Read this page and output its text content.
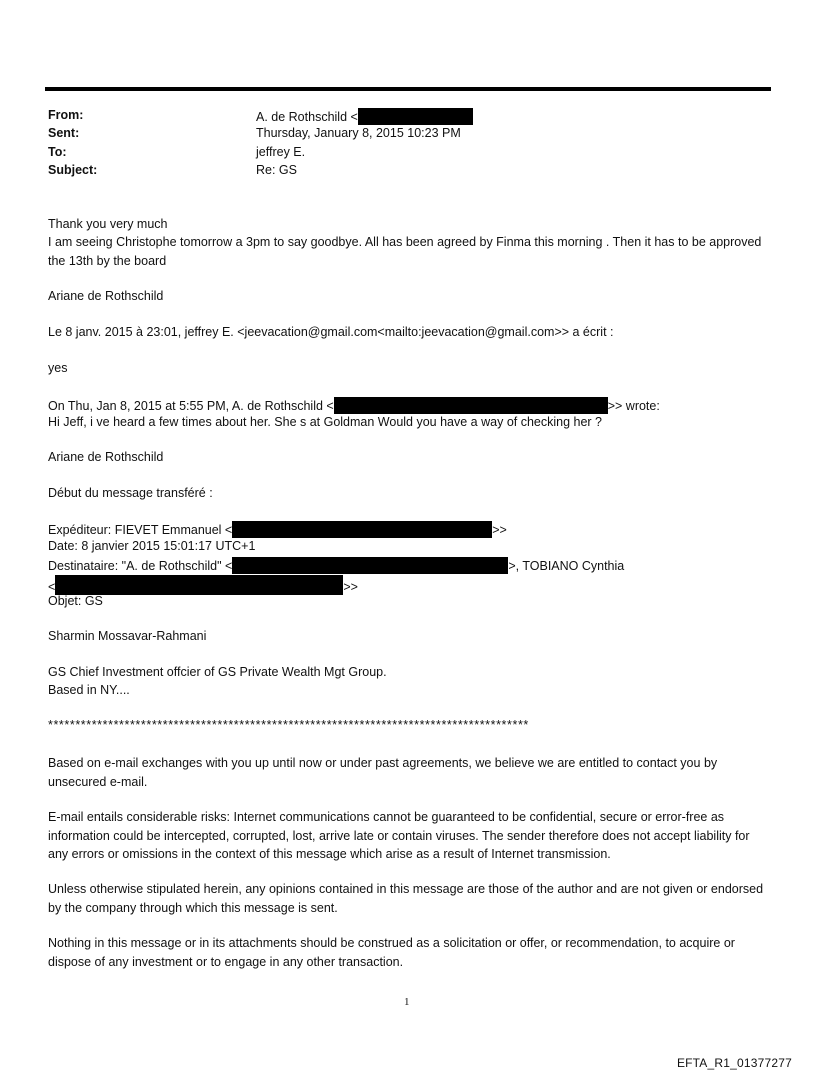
From:	A. de Rothschild <
Sent:	Thursday, January 8, 2015 10:23 PM
To:	jeffrey E.
Subject:	Re: GS
Thank you very much
I am seeing Christophe tomorrow a 3pm to say goodbye. All has been agreed by Finma this morning . Then it has to be approved the 13th by the board
Ariane de Rothschild
Le 8 janv. 2015 à 23:01, jeffrey E. <jeevacation@gmail.com<mailto:jeevacation@gmail.com>> a écrit :
yes
On Thu, Jan 8, 2015 at 5:55 PM, A. de Rothschild <	>> wrote:
Hi Jeff, i ve heard a few times about her. She s at Goldman Would you have a way of checking her ?
Ariane de Rothschild
Début du message transféré :
Expéditeur: FIEVET Emmanuel <	>>
Date: 8 janvier 2015 15:01:17 UTC+1
Destinataire: "A. de Rothschild" <	>, TOBIANO Cynthia
<	>>
Objet: GS
Sharmin Mossavar-Rahmani
GS Chief Investment offcier of GS Private Wealth Mgt Group.
Based in NY....
****************************************************************************************
Based on e-mail exchanges with you up until now or under past agreements, we believe we are entitled to contact you by unsecured e-mail.
E-mail entails considerable risks: Internet communications cannot be guaranteed to be confidential, secure or error-free as information could be intercepted, corrupted, lost, arrive late or contain viruses. The sender therefore does not accept liability for any errors or omissions in the context of this message which arise as a result of Internet transmission.
Unless otherwise stipulated herein, any opinions contained in this message are those of the author and are not given or endorsed by the company through which this message is sent.
Nothing in this message or in its attachments should be construed as a solicitation or offer, or recommendation, to acquire or dispose of any investment or to engage in any other transaction.
1
EFTA_R1_01377277
